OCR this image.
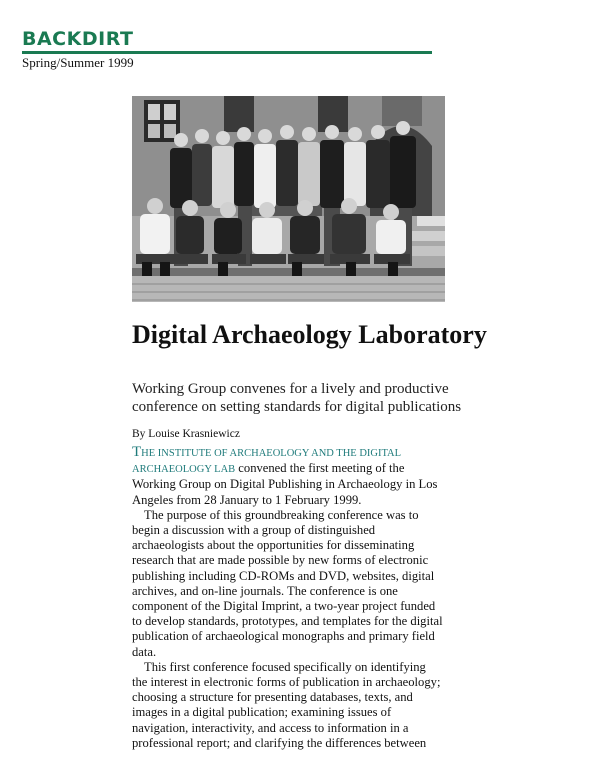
BACKDIRT
Spring/Summer 1999
Digital Archaeology Laboratory

Working Group convenes for a lively and productive conference on setting standards for digital publications

By Louise Krasniewicz

THE INSTITUTE OF ARCHAEOLOGY AND THE DIGITAL ARCHAEOLOGY LAB convened the first meeting of the Working Group on Digital Publishing in Archaeology in Los Angeles from 28 January to 1 February 1999.

The purpose of this groundbreaking conference was to begin a discussion with a group of distinguished archaeologists about the opportunities for disseminating research that are made possible by new forms of electronic publishing including CD-ROMs and DVD, websites, digital archives, and on-line journals. The conference is one component of the Digital Imprint, a two-year project funded to develop standards, prototypes, and templates for the digital publication of archaeological monographs and primary field data.

This first conference focused specifically on identifying the interest in electronic forms of publication in archaeology; choosing a structure for presenting databases, texts, and images in a digital publication; examining issues of navigation, interactivity, and access to information in a professional report; and clarifying the differences between
